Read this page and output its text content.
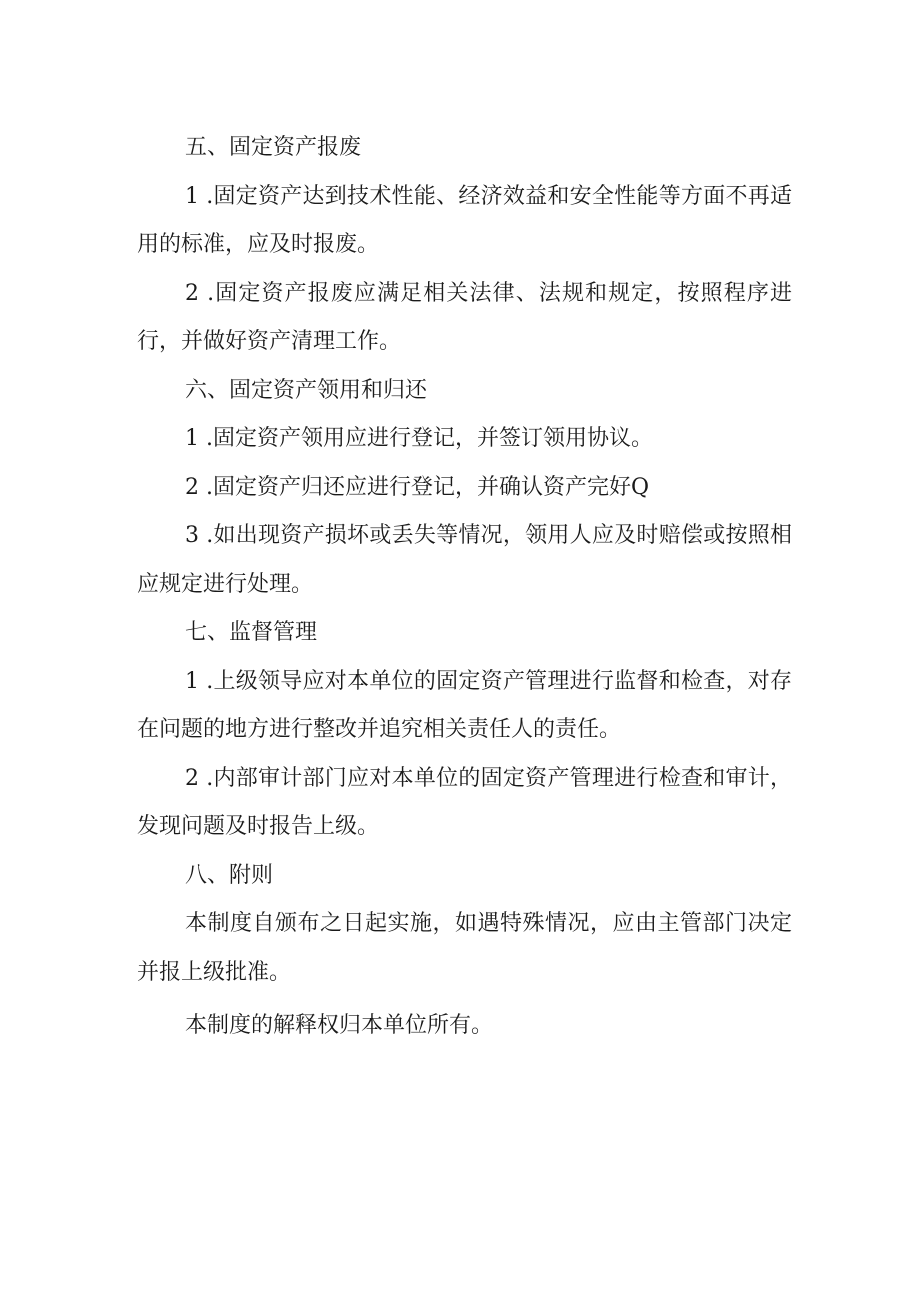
五、固定资产报废

1 .固定资产达到技术性能、经济效益和安全性能等方面不再适用的标准，应及时报废。

2 .固定资产报废应满足相关法律、法规和规定，按照程序进行，并做好资产清理工作。

六、固定资产领用和归还

1 .固定资产领用应进行登记，并签订领用协议。

2 .固定资产归还应进行登记，并确认资产完好Q

3 .如出现资产损坏或丢失等情况，领用人应及时赔偿或按照相应规定进行处理。

七、监督管理

1 .上级领导应对本单位的固定资产管理进行监督和检查，对存在问题的地方进行整改并追究相关责任人的责任。

2 .内部审计部门应对本单位的固定资产管理进行检查和审计，发现问题及时报告上级。

八、附则

本制度自颁布之日起实施，如遇特殊情况，应由主管部门决定并报上级批准。

本制度的解释权归本单位所有。
